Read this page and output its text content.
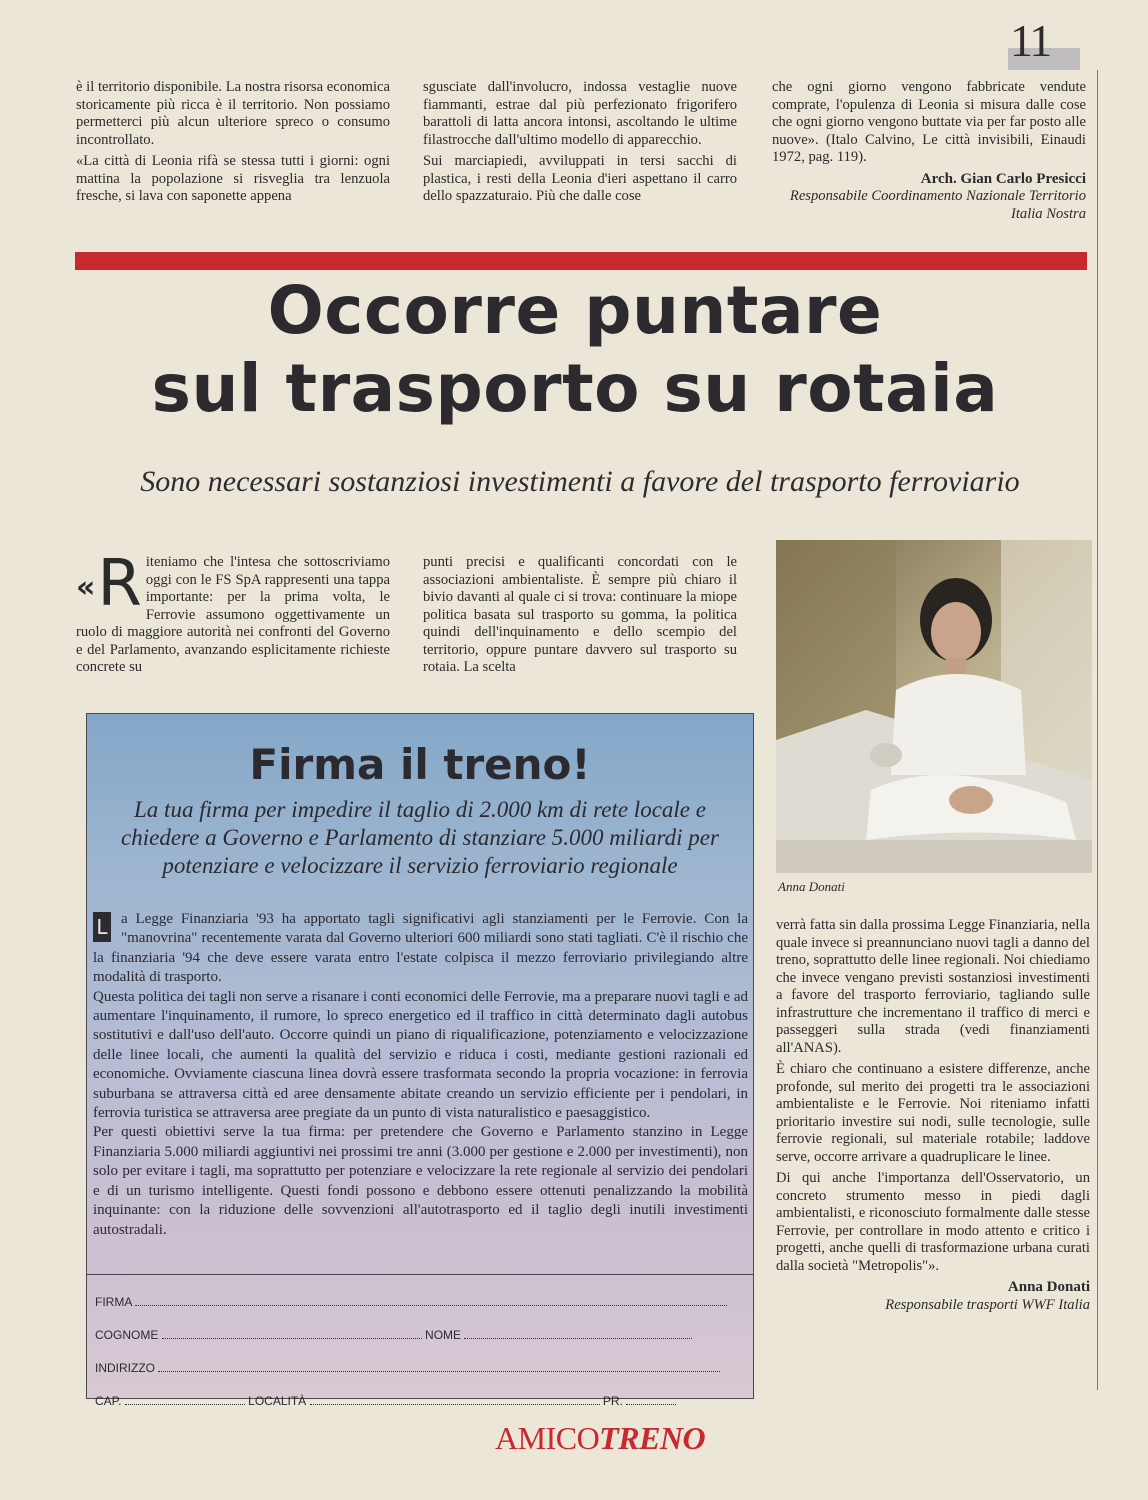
11

è il territorio disponibile. La nostra risorsa economica storicamente più ricca è il territorio. Non possiamo permetterci più alcun ulteriore spreco o consumo incontrollato.

«La città di Leonia rifà se stessa tutti i giorni: ogni mattina la popolazione si risveglia tra lenzuola fresche, si lava con saponette appena

sgusciate dall'involucro, indossa vestaglie nuove fiammanti, estrae dal più perfezionato frigorifero barattoli di latta ancora intonsi, ascoltando le ultime filastrocche dall'ultimo modello di apparecchio.

Sui marciapiedi, avviluppati in tersi sacchi di plastica, i resti della Leonia d'ieri aspettano il carro dello spazzaturaio. Più che dalle cose

che ogni giorno vengono fabbricate vendute comprate, l'opulenza di Leonia si misura dalle cose che ogni giorno vengono buttate via per far posto alle nuove». (Italo Calvino, Le città invisibili, Einaudi 1972, pag. 119).

Arch. Gian Carlo Presicci
Responsabile Coordinamento Nazionale Territorio Italia Nostra
Occorre puntare
sul trasporto su rotaia
Sono necessari sostanziosi investimenti a favore del trasporto ferroviario
«R iteniamo che l'intesa che sottoscriviamo oggi con le FS SpA rappresenti una tappa importante: per la prima volta, le Ferrovie assumono oggettivamente un ruolo di maggiore autorità nei confronti del Governo e del Parlamento, avanzando esplicitamente richieste concrete su
punti precisi e qualificanti concordati con le associazioni ambientaliste. È sempre più chiaro il bivio davanti al quale ci si trova: continuare la miope politica basata sul trasporto su gomma, la politica quindi dell'inquinamento e dello scempio del territorio, oppure puntare davvero sul trasporto su rotaia. La scelta
Anna Donati

verrà fatta sin dalla prossima Legge Finanziaria, nella quale invece si preannunciano nuovi tagli a danno del treno, soprattutto delle linee regionali. Noi chiediamo che invece vengano previsti sostanziosi investimenti a favore del trasporto ferroviario, tagliando sulle infrastrutture che incrementano il traffico di merci e passeggeri sulla strada (vedi finanziamenti all'ANAS).

È chiaro che continuano a esistere differenze, anche profonde, sul merito dei progetti tra le associazioni ambientaliste e le Ferrovie. Noi riteniamo infatti prioritario investire sui nodi, sulle tecnologie, sulle ferrovie regionali, sul materiale rotabile; laddove serve, occorre arrivare a quadruplicare le linee.

Di qui anche l'importanza dell'Osservatorio, un concreto strumento messo in piedi dagli ambientalisti, e riconosciuto formalmente dalle stesse Ferrovie, per controllare in modo attento e critico i progetti, anche quelli di trasformazione urbana curati dalla società "Metropolis"».

Anna Donati
Responsabile trasporti WWF Italia
Firma il treno!
La tua firma per impedire il taglio di 2.000 km di rete locale e chiedere a Governo e Parlamento di stanziare 5.000 miliardi per potenziare e velocizzare il servizio ferroviario regionale

L a Legge Finanziaria '93 ha apportato tagli significativi agli stanziamenti per le Ferrovie. Con la "manovrina" recentemente varata dal Governo ulteriori 600 miliardi sono stati tagliati. C'è il rischio che la finanziaria '94 che deve essere varata entro l'estate colpisca il mezzo ferroviario privilegiando altre modalità di trasporto.

Questa politica dei tagli non serve a risanare i conti economici delle Ferrovie, ma a preparare nuovi tagli e ad aumentare l'inquinamento, il rumore, lo spreco energetico ed il traffico in città determinato dagli autobus sostitutivi e dall'uso dell'auto. Occorre quindi un piano di riqualificazione, potenziamento e velocizzazione delle linee locali, che aumenti la qualità del servizio e riduca i costi, mediante gestioni razionali ed economiche. Ovviamente ciascuna linea dovrà essere trasformata secondo la propria vocazione: in ferrovia suburbana se attraversa città ed aree densamente abitate creando un servizio efficiente per i pendolari, in ferrovia turistica se attraversa aree pregiate da un punto di vista naturalistico e paesaggistico.

Per questi obiettivi serve la tua firma: per pretendere che Governo e Parlamento stanzino in Legge Finanziaria 5.000 miliardi aggiuntivi nei prossimi tre anni (3.000 per gestione e 2.000 per investimenti), non solo per evitare i tagli, ma soprattutto per potenziare e velocizzare la rete regionale al servizio dei pendolari e di un turismo intelligente. Questi fondi possono e debbono essere ottenuti penalizzando la mobilità inquinante: con la riduzione delle sovvenzioni all'autotrasporto ed il taglio degli inutili investimenti autostradali.

FIRMA
COGNOME	NOME
INDIRIZZO
CAP.	LOCALITÀ	PR.
AMICOTRENO
